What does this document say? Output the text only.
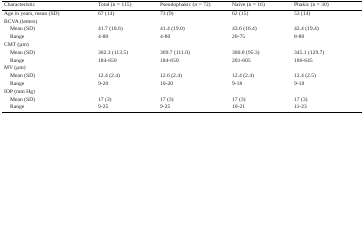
Characteristic	Total (n = 115)	Pseudophakic (n = 72)	Naive (n = 16)	Phakic (n = 30)
Age in years, mean (SD)	67 (14)	73 (9)	62 (15)	53 (14)
BCVA (letters)				
Mean (SD)	41.7 (18.6)	41.4 (19.0)	43.6 (16.4)	42.4 (19.4)
Range	4-80	4-80	20-75	8-80
CMT (µm)				
Mean (SD)	362.3 (113.5)	369.7 (111.0)	360.0 (95.3)	345.1 (129.7)
Range	184-650	184-650	201-605	186-645
MV (µm)				
Mean (SD)	12.4 (2.4)	12.6 (2.4)	12.4 (2.4)	12.4 (2.5)
Range	9-20	10-20	9-18	9-18
IOP (mm Hg)				
Mean (SD)	17 (3)	17 (3)	17 (3)	17 (3)
Range	9-25	9-25	10-21	11-23
